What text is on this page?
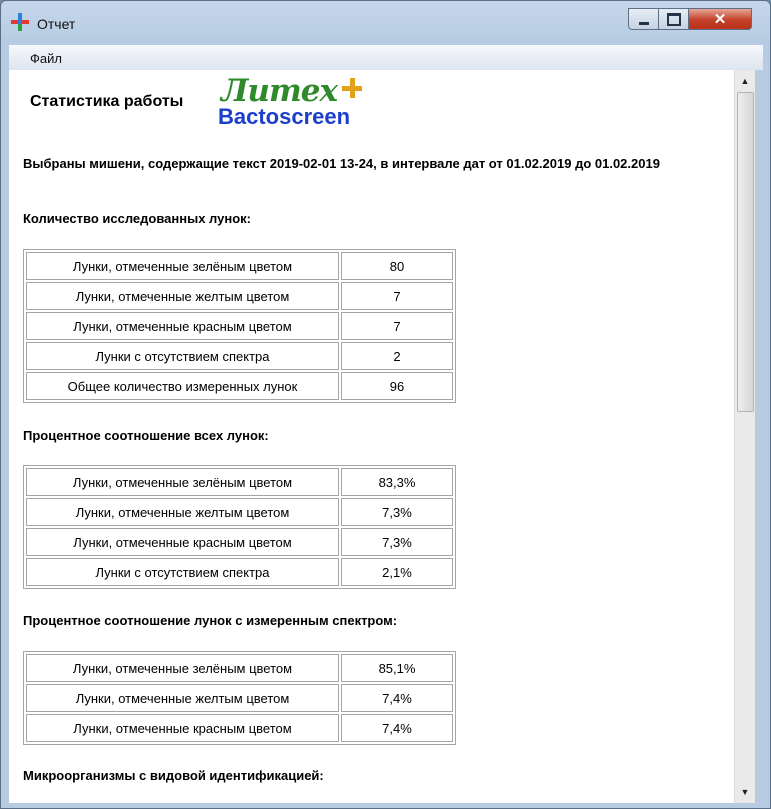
Отчет	✕
Файл
Статистика работы Литех
Bactoscreen
Выбраны мишени, содержащие текст 2019-02-01 13-24, в интервале дат от 01.02.2019 до 01.02.2019
Количество исследованных лунок:
Лунки, отмеченные зелёным цветом	80
Лунки, отмеченные желтым цветом	7
Лунки, отмеченные красным цветом	7
Лунки с отсутствием спектра	2
Общее количество измеренных лунок	96
Процентное соотношение всех лунок:
Лунки, отмеченные зелёным цветом	83,3%
Лунки, отмеченные желтым цветом	7,3%
Лунки, отмеченные красным цветом	7,3%
Лунки с отсутствием спектра	2,1%
Процентное соотношение лунок с измеренным спектром:
Лунки, отмеченные зелёным цветом	85,1%
Лунки, отмеченные желтым цветом	7,4%
Лунки, отмеченные красным цветом	7,4%
Микроорганизмы с видовой идентификацией:
▲
▼
